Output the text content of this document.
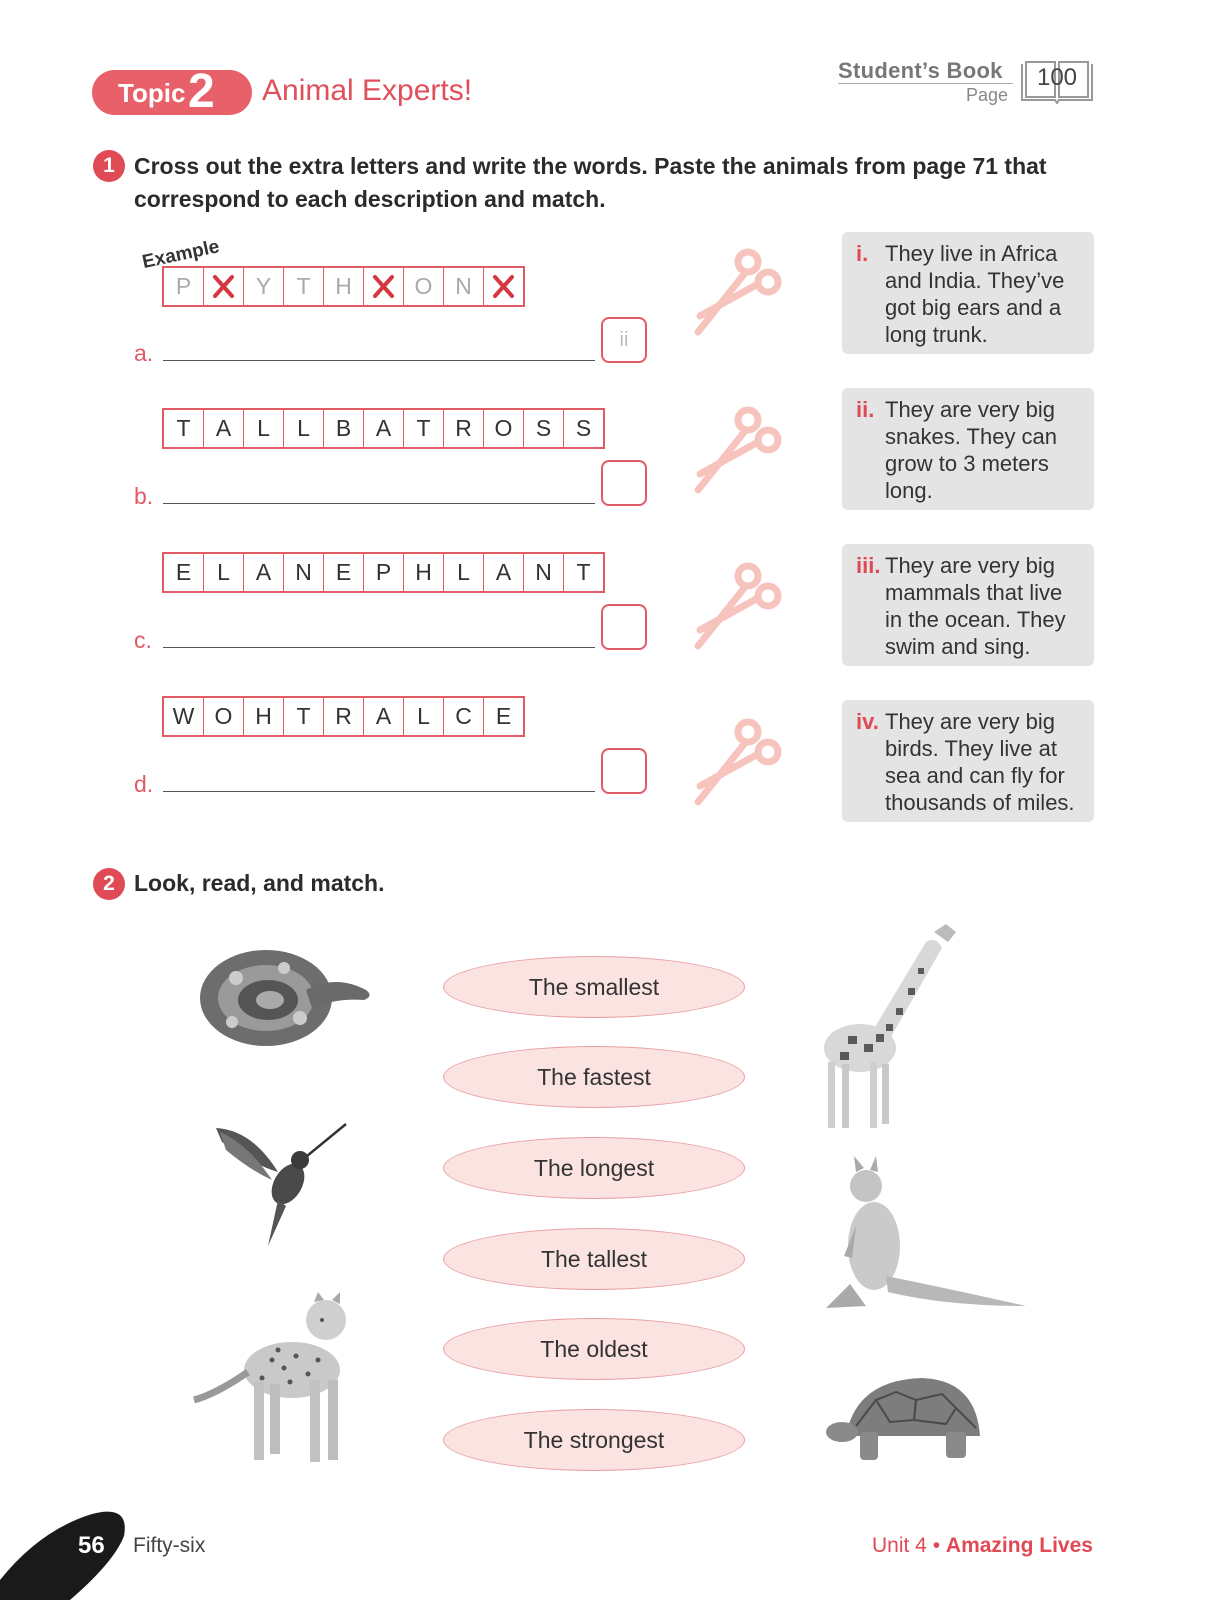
Topic 2 Animal Experts!
Student’s Book
Page
100
1 Cross out the extra letters and write the words. Paste the animals from page 71 that
correspond to each description and match.
Example
P	Y T H	O N
a.	ii
T A L L B A T R O S S
b.
E L A N E P H L A N T
c.
W O H T R A L C E
d.
i. They live in Africa and India. They’ve got big ears and a long trunk.
ii. They are very big snakes. They can grow to 3 meters long.
iii. They are very big mammals that live in the ocean. They swim and sing.
iv. They are very big birds. They live at sea and can fly for thousands of miles.
2 Look, read, and match.
The smallest
The fastest
The longest
The tallest
The oldest
The strongest
56 Fifty-six	Unit 4 • Amazing Lives
